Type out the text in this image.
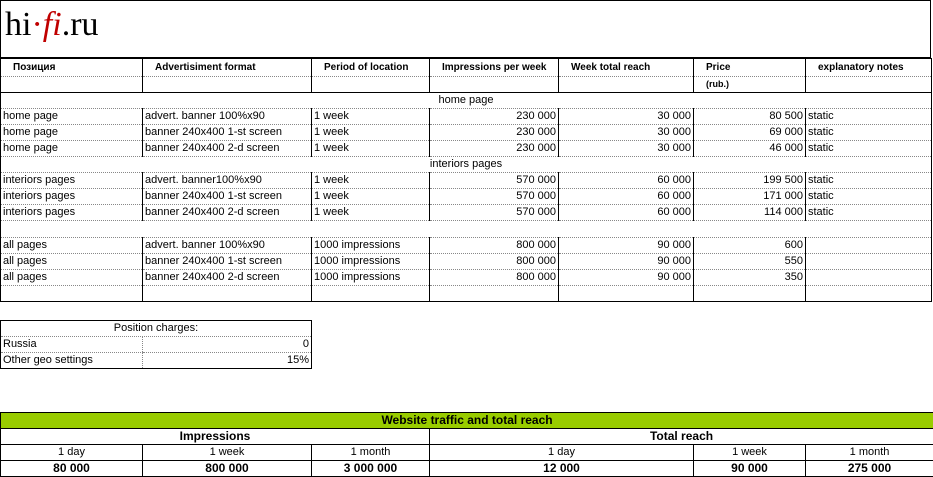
hi·fi.ru
Позиция	Advertisiment format	Period of location	Impressions per week	Week total reach	Price	explanatory notes
					(rub.)	
home page						
home page	advert. banner 100%x90	1 week	230 000	30 000	80 500	static
home page	banner 240x400 1-st screen	1 week	230 000	30 000	69 000	static
home page	banner 240x400 2-d screen	1 week	230 000	30 000	46 000	static
interiors pages						
interiors pages	advert. banner100%x90	1 week	570 000	60 000	199 500	static
interiors pages	banner 240x400 1-st screen	1 week	570 000	60 000	171 000	static
interiors pages	banner 240x400 2-d screen	1 week	570 000	60 000	114 000	static

all pages	advert. banner 100%x90	1000 impressions	800 000	90 000	600	
all pages	banner 240x400 1-st screen	1000 impressions	800 000	90 000	550	
all pages	banner 240x400 2-d screen	1000 impressions	800 000	90 000	350	

Position charges:	
Russia	0
Other geo settings	15%
Website traffic and total reach					
Impressions			Total reach		
1 day	1 week	1 month	1 day	1 week	1 month
80 000	800 000	3 000 000	12 000	90 000	275 000
